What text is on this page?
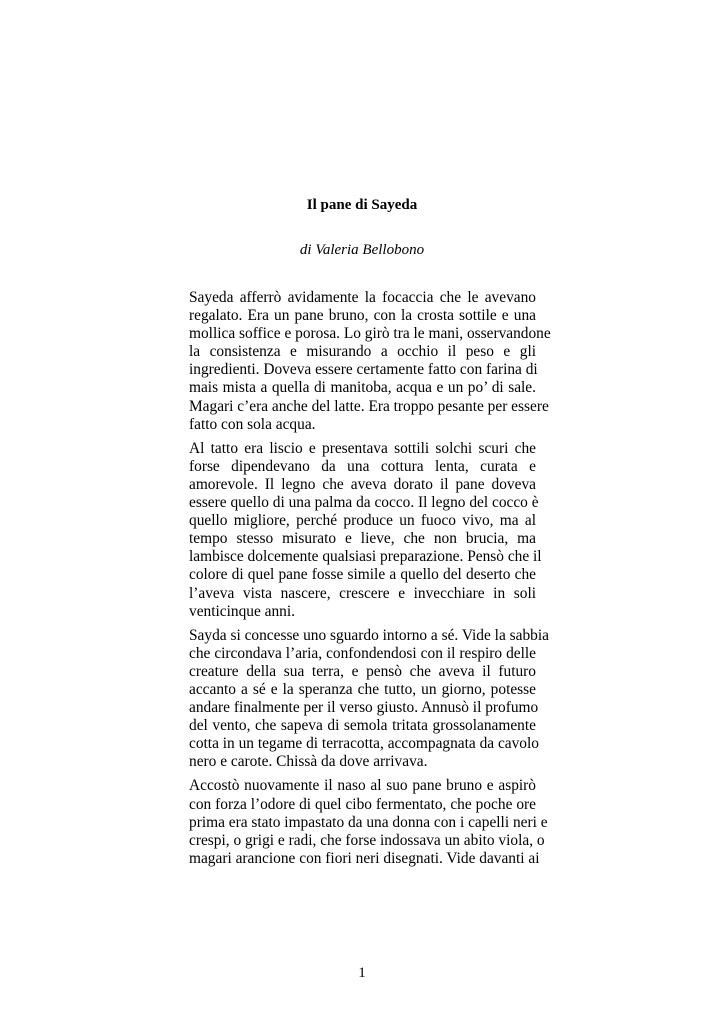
Il pane di Sayeda

di Valeria Bellobono

Sayeda afferrò avidamente la focaccia che le avevano
regalato. Era un pane bruno, con la crosta sottile e una
mollica soffice e porosa. Lo girò tra le mani, osservandone
la consistenza e misurando a occhio il peso e gli
ingredienti. Doveva essere certamente fatto con farina di
mais mista a quella di manitoba, acqua e un po’ di sale.
Magari c’era anche del latte. Era troppo pesante per essere
fatto con sola acqua.

Al tatto era liscio e presentava sottili solchi scuri che
forse dipendevano da una cottura lenta, curata e
amorevole. Il legno che aveva dorato il pane doveva
essere quello di una palma da cocco. Il legno del cocco è
quello migliore, perché produce un fuoco vivo, ma al
tempo stesso misurato e lieve, che non brucia, ma
lambisce dolcemente qualsiasi preparazione. Pensò che il
colore di quel pane fosse simile a quello del deserto che
l’aveva vista nascere, crescere e invecchiare in soli
venticinque anni.

Sayda si concesse uno sguardo intorno a sé. Vide la sabbia
che circondava l’aria, confondendosi con il respiro delle
creature della sua terra, e pensò che aveva il futuro
accanto a sé e la speranza che tutto, un giorno, potesse
andare finalmente per il verso giusto. Annusò il profumo
del vento, che sapeva di semola tritata grossolanamente
cotta in un tegame di terracotta, accompagnata da cavolo
nero e carote. Chissà da dove arrivava.

Accostò nuovamente il naso al suo pane bruno e aspirò
con forza l’odore di quel cibo fermentato, che poche ore
prima era stato impastato da una donna con i capelli neri e
crespi, o grigi e radi, che forse indossava un abito viola, o
magari arancione con fiori neri disegnati. Vide davanti ai

1
